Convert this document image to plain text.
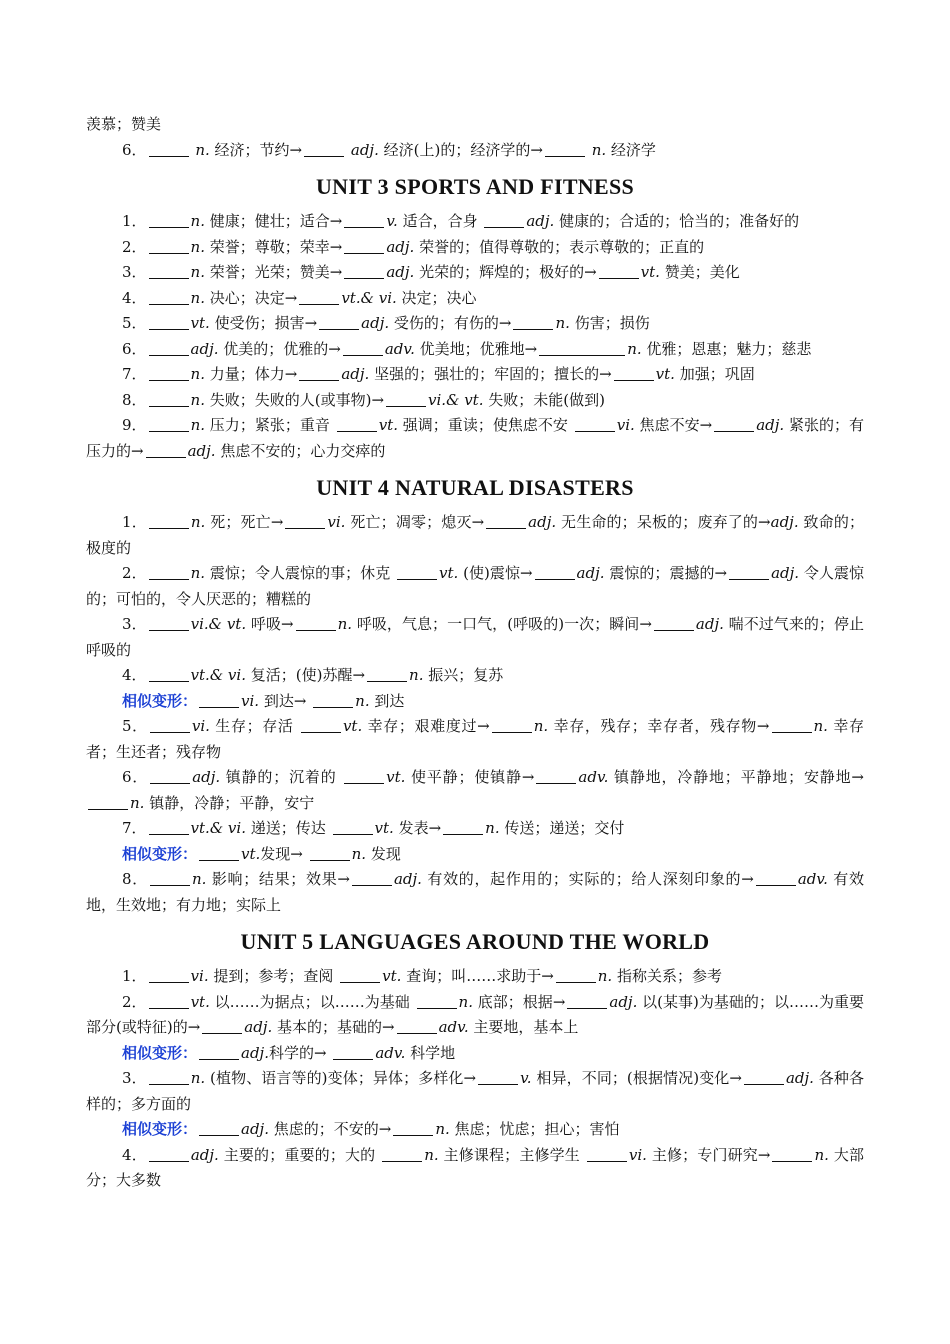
羡慕；赞美

6．	n. 经济；节约→	adj. 经济(上)的；经济学的→	n. 经济学

UNIT 3 SPORTS AND FITNESS

1．	n. 健康；健壮；适合→	v. 适合，合身	adj. 健康的；合适的；恰当的；准备好的

2．	n. 荣誉；尊敬；荣幸→	adj. 荣誉的；值得尊敬的；表示尊敬的；正直的

3．	n. 荣誉；光荣；赞美→	adj. 光荣的；辉煌的；极好的→	vt. 赞美；美化

4．	n. 决心；决定→	vt.& vi. 决定；决心

5．	vt. 使受伤；损害→	adj. 受伤的；有伤的→	n. 伤害；损伤

6．	adj. 优美的；优雅的→	adv. 优美地；优雅地→	n. 优雅；恩惠；魅力；慈悲

7．	n. 力量；体力→	adj. 坚强的；强壮的；牢固的；擅长的→	vt. 加强；巩固

8．	n. 失败；失败的人(或事物)→	vi.& vt. 失败；未能(做到)

9．	n. 压力；紧张；重音	vt. 强调；重读；使焦虑不安	vi. 焦虑不安→	adj. 紧张的；有压力的→	adj. 焦虑不安的；心力交瘁的

UNIT 4 NATURAL DISASTERS

1．	n. 死；死亡→	vi. 死亡；凋零；熄灭→	adj. 无生命的；呆板的；废弃了的→adj. 致命的；极度的

2．	n. 震惊；令人震惊的事；休克	vt. (使)震惊→	adj. 震惊的；震撼的→	adj. 令人震惊的；可怕的，令人厌恶的；糟糕的

3．	vi.& vt. 呼吸→	n. 呼吸，气息；一口气，(呼吸的)一次；瞬间→	adj. 喘不过气来的；停止呼吸的

4．	vt.& vi. 复活；(使)苏醒→	n. 振兴；复苏

相似变形：	vi. 到达→	n. 到达

5．	vi. 生存；存活	vt. 幸存；艰难度过→	n. 幸存，残存；幸存者，残存物→	n. 幸存者；生还者；残存物

6．	adj. 镇静的；沉着的	vt. 使平静；使镇静→	adv. 镇静地，冷静地；平静地；安静地→n. 镇静，冷静；平静，安宁

7．	vt.& vi. 递送；传达	vt. 发表→	n. 传送；递送；交付

相似变形：	vt.发现→	n. 发现

8．	n. 影响；结果；效果→	adj. 有效的，起作用的；实际的；给人深刻印象的→	adv. 有效地，生效地；有力地；实际上

UNIT 5 LANGUAGES AROUND THE WORLD

1．	vi. 提到；参考；查阅	vt. 查询；叫……求助于→	n. 指称关系；参考

2．	vt. 以……为据点；以……为基础	n. 底部；根据→	adj. 以(某事)为基础的；以……为重要部分(或特征)的→	adj. 基本的；基础的→	adv. 主要地，基本上

相似变形：	adj.科学的→	adv. 科学地

3．	n. (植物、语言等的)变体；异体；多样化→	v. 相异，不同；(根据情况)变化→	adj. 各种各样的；多方面的

相似变形：	adj. 焦虑的；不安的→	n. 焦虑；忧虑；担心；害怕

4．	adj. 主要的；重要的；大的	n. 主修课程；主修学生	vi. 主修；专门研究→	n. 大部分；大多数
